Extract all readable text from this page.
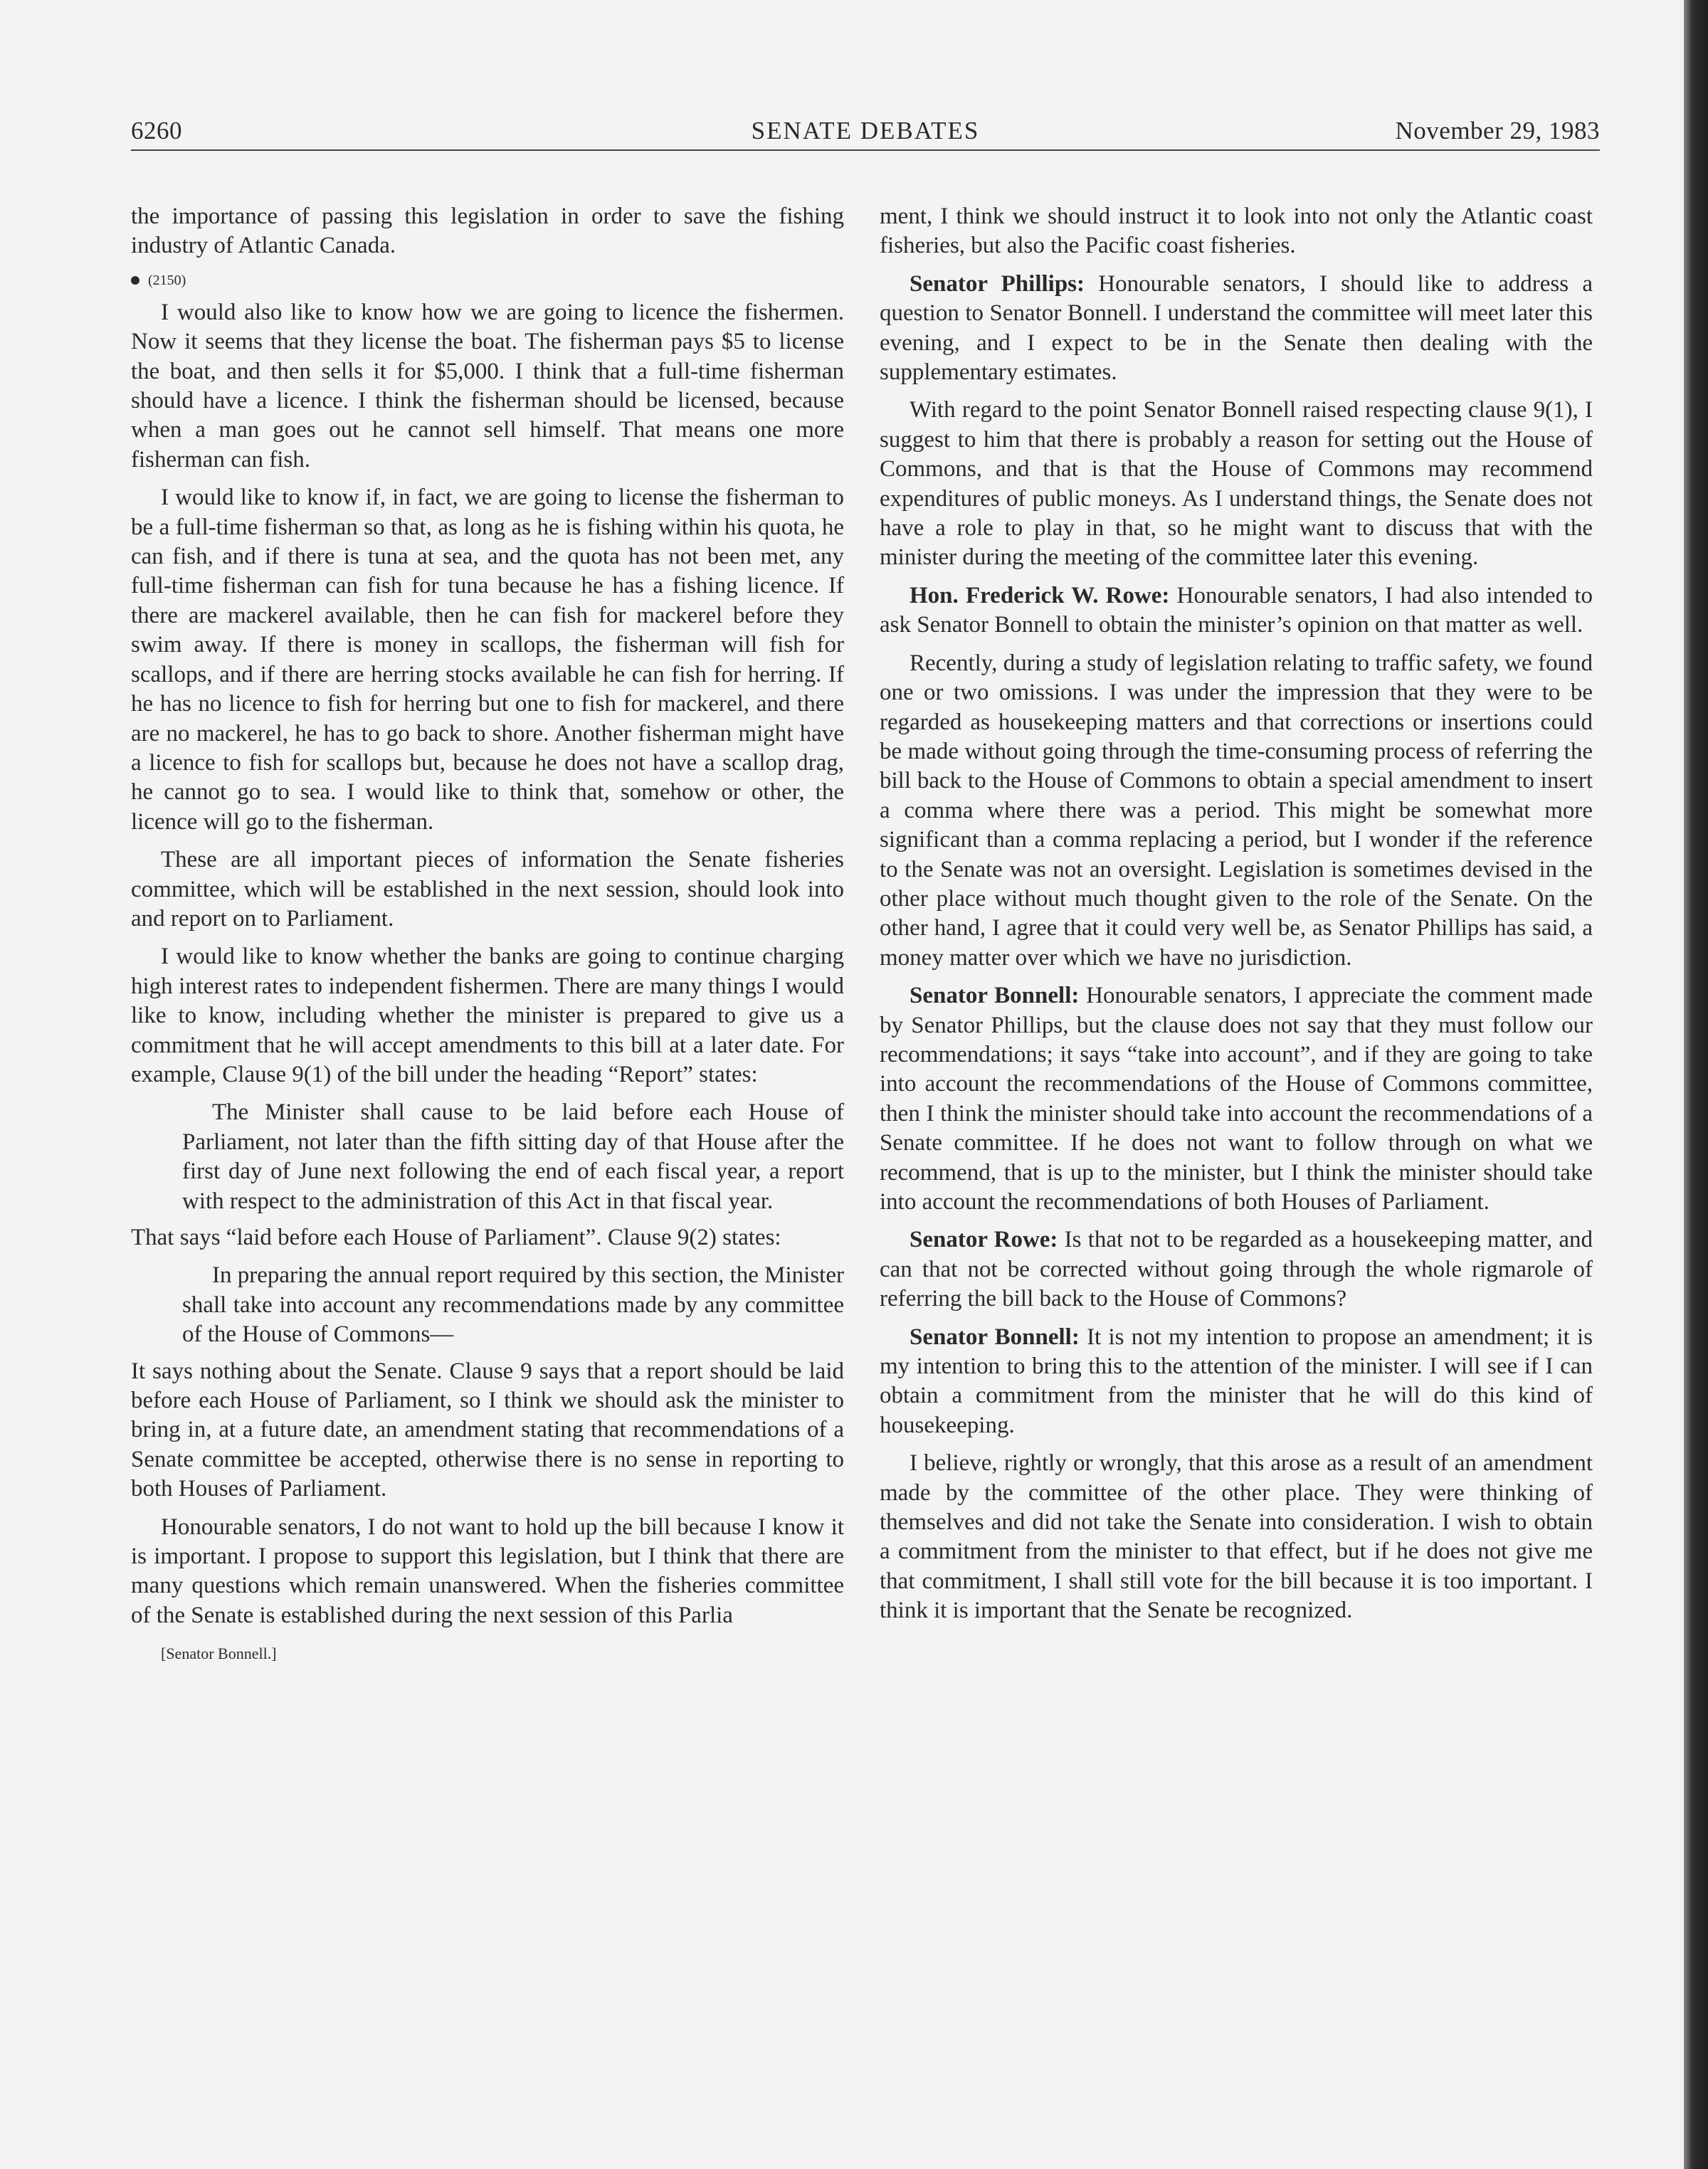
6260	SENATE DEBATES	November 29, 1983

the importance of passing this legislation in order to save the fishing industry of Atlantic Canada.

(2150)

I would also like to know how we are going to licence the fishermen. Now it seems that they license the boat. The fisherman pays $5 to license the boat, and then sells it for $5,000. I think that a full-time fisherman should have a licence. I think the fisherman should be licensed, because when a man goes out he cannot sell himself. That means one more fisherman can fish.

I would like to know if, in fact, we are going to license the fisherman to be a full-time fisherman so that, as long as he is fishing within his quota, he can fish, and if there is tuna at sea, and the quota has not been met, any full-time fisherman can fish for tuna because he has a fishing licence. If there are mackerel available, then he can fish for mackerel before they swim away. If there is money in scallops, the fisherman will fish for scallops, and if there are herring stocks available he can fish for herring. If he has no licence to fish for herring but one to fish for mackerel, and there are no mackerel, he has to go back to shore. Another fisherman might have a licence to fish for scallops but, because he does not have a scallop drag, he cannot go to sea. I would like to think that, somehow or other, the licence will go to the fisherman.

These are all important pieces of information the Senate fisheries committee, which will be established in the next session, should look into and report on to Parliament.

I would like to know whether the banks are going to continue charging high interest rates to independent fishermen. There are many things I would like to know, including whether the minister is prepared to give us a commitment that he will accept amendments to this bill at a later date. For example, Clause 9(1) of the bill under the heading “Report” states:

The Minister shall cause to be laid before each House of Parliament, not later than the fifth sitting day of that House after the first day of June next following the end of each fiscal year, a report with respect to the administration of this Act in that fiscal year.

That says “laid before each House of Parliament”. Clause 9(2) states:

In preparing the annual report required by this section, the Minister shall take into account any recommendations made by any committee of the House of Commons—

It says nothing about the Senate. Clause 9 says that a report should be laid before each House of Parliament, so I think we should ask the minister to bring in, at a future date, an amendment stating that recommendations of a Senate committee be accepted, otherwise there is no sense in reporting to both Houses of Parliament.

Honourable senators, I do not want to hold up the bill because I know it is important. I propose to support this legislation, but I think that there are many questions which remain unanswered. When the fisheries committee of the Senate is established during the next session of this Parlia

[Senator Bonnell.]

ment, I think we should instruct it to look into not only the Atlantic coast fisheries, but also the Pacific coast fisheries.

Senator Phillips: Honourable senators, I should like to address a question to Senator Bonnell. I understand the committee will meet later this evening, and I expect to be in the Senate then dealing with the supplementary estimates.

With regard to the point Senator Bonnell raised respecting clause 9(1), I suggest to him that there is probably a reason for setting out the House of Commons, and that is that the House of Commons may recommend expenditures of public moneys. As I understand things, the Senate does not have a role to play in that, so he might want to discuss that with the minister during the meeting of the committee later this evening.

Hon. Frederick W. Rowe: Honourable senators, I had also intended to ask Senator Bonnell to obtain the minister’s opinion on that matter as well.

Recently, during a study of legislation relating to traffic safety, we found one or two omissions. I was under the impression that they were to be regarded as housekeeping matters and that corrections or insertions could be made without going through the time-consuming process of referring the bill back to the House of Commons to obtain a special amendment to insert a comma where there was a period. This might be somewhat more significant than a comma replacing a period, but I wonder if the reference to the Senate was not an oversight. Legislation is sometimes devised in the other place without much thought given to the role of the Senate. On the other hand, I agree that it could very well be, as Senator Phillips has said, a money matter over which we have no jurisdiction.

Senator Bonnell: Honourable senators, I appreciate the comment made by Senator Phillips, but the clause does not say that they must follow our recommendations; it says “take into account”, and if they are going to take into account the recommendations of the House of Commons committee, then I think the minister should take into account the recommendations of a Senate committee. If he does not want to follow through on what we recommend, that is up to the minister, but I think the minister should take into account the recommendations of both Houses of Parliament.

Senator Rowe: Is that not to be regarded as a housekeeping matter, and can that not be corrected without going through the whole rigmarole of referring the bill back to the House of Commons?

Senator Bonnell: It is not my intention to propose an amendment; it is my intention to bring this to the attention of the minister. I will see if I can obtain a commitment from the minister that he will do this kind of housekeeping.

I believe, rightly or wrongly, that this arose as a result of an amendment made by the committee of the other place. They were thinking of themselves and did not take the Senate into consideration. I wish to obtain a commitment from the minister to that effect, but if he does not give me that commitment, I shall still vote for the bill because it is too important. I think it is important that the Senate be recognized.
